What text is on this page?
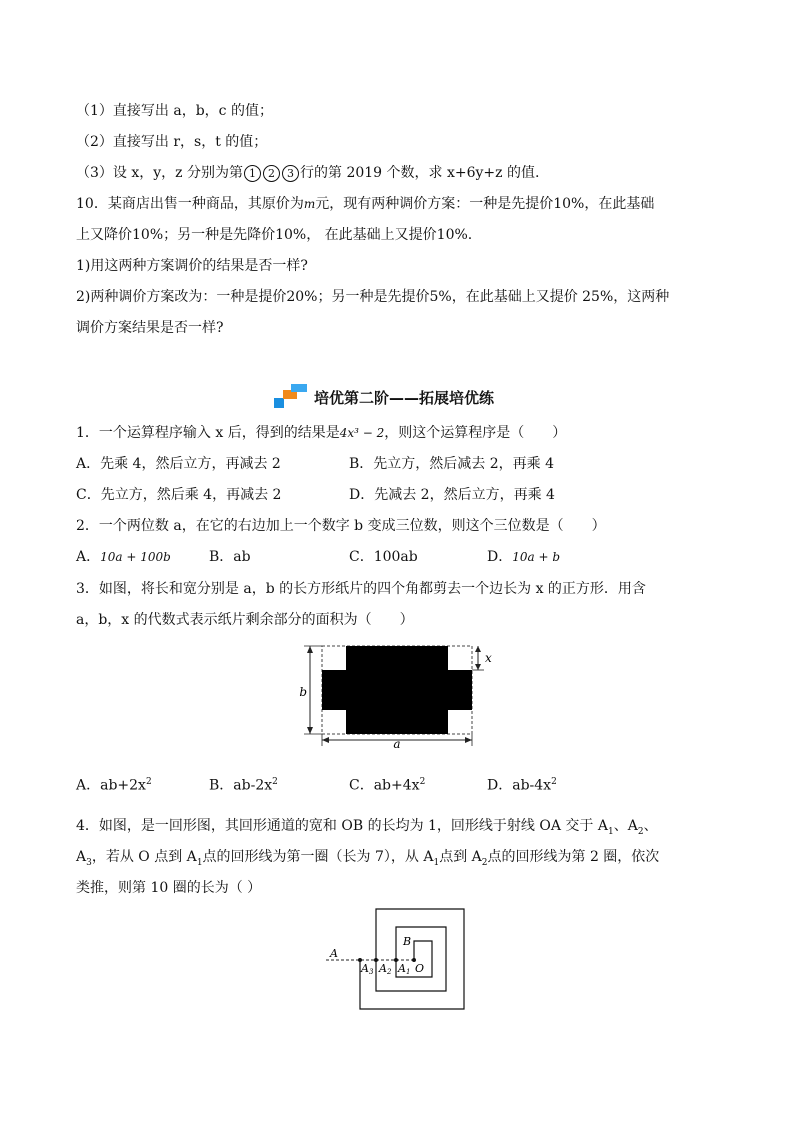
（1）直接写出 a，b，c 的值；
（2）直接写出 r，s，t 的值；
（3）设 x，y，z 分别为第 1 2 3 行的第 2019 个数，求 x+6y+z 的值.
10．某商店出售一种商品，其原价为m元，现有两种调价方案：一种是先提价10%，在此基础
上又降价10%；另一种是先降价10%， 在此基础上又提价10%.
1)用这两种方案调价的结果是否一样?
2)两种调价方案改为：一种是提价20%；另一种是先提价5%，在此基础上又提价 25%，这两种
调价方案结果是否一样?
培优第二阶——拓展培优练
1．一个运算程序输入 x 后，得到的结果是4x³ − 2，则这个运算程序是（　　）
A．先乘 4，然后立方，再减去 2	B．先立方，然后减去 2，再乘 4
C．先立方，然后乘 4，再减去 2	D．先减去 2，然后立方，再乘 4
2．一个两位数 a，在它的右边加上一个数字 b 变成三位数，则这个三位数是（　　）
A．10a + 100b	B．ab	C．100ab	D．10a + b
3．如图，将长和宽分别是 a，b 的长方形纸片的四个角都剪去一个边长为 x 的正方形．用含
a，b，x 的代数式表示纸片剩余部分的面积为（　　）
b
x
a
A．$ab+2x^2$	B．$ab-2x^2$	C．$ab+4x^2$	D．$ab-4x^2$
4．如图，是一回形图，其回形通道的宽和 OB 的长均为 1，回形线于射线 OA 交于 $A_1$、$A_2$、
$A_3$，若从 O 点到 $A_1$点的回形线为第一圈（长为 7），从 $A_1$点到 $A_2$点的回形线为第 2 圈，依次
类推，则第 10 圈的长为（ ）
A
B
O
A1
A2
A3
